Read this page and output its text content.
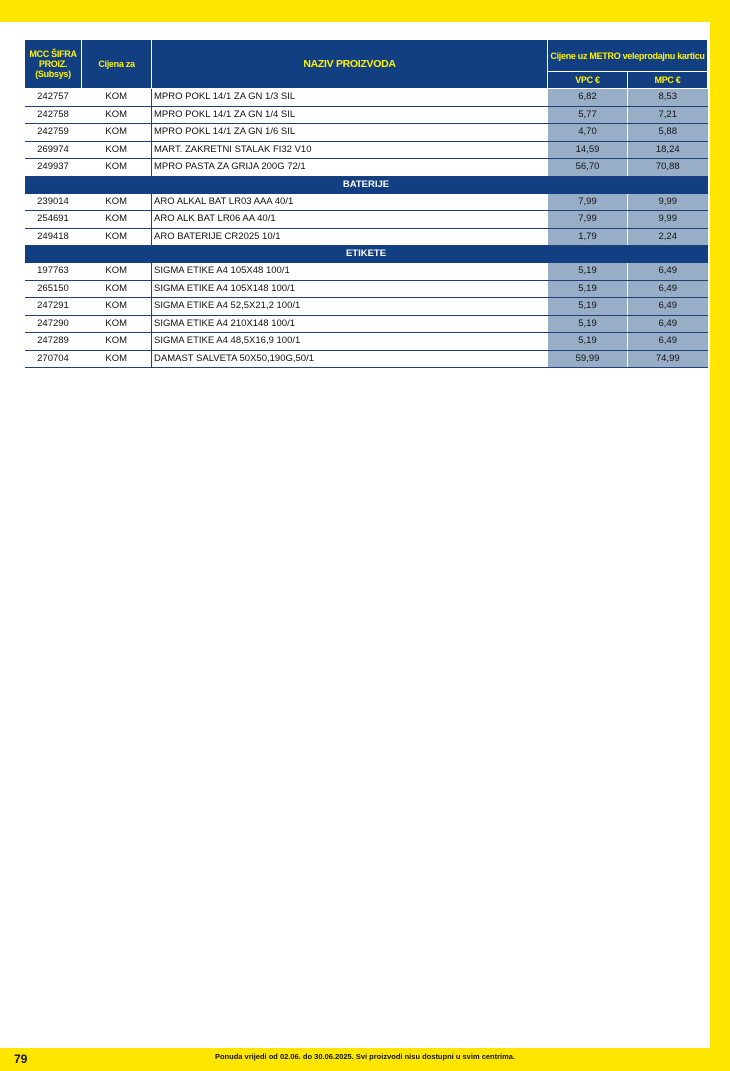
MCC ŠIFRA PROIZ. (Subsys)	Cijena za	NAZIV PROIZVODA	Cijene uz METRO veleprodajnu karticu	
			VPC €	MPC €
242757	KOM	MPRO POKL 14/1 ZA GN 1/3 SIL	6,82	8,53
242758	KOM	MPRO POKL 14/1 ZA GN 1/4 SIL	5,77	7,21
242759	KOM	MPRO POKL 14/1 ZA GN 1/6 SIL	4,70	5,88
269974	KOM	MART. ZAKRETNI STALAK FI32 V10	14,59	18,24
249937	KOM	MPRO PASTA ZA GRIJA 200G 72/1	56,70	70,88
BATERIJE				
239014	KOM	ARO ALKAL BAT LR03 AAA 40/1	7,99	9,99
254691	KOM	ARO ALK BAT LR06 AA 40/1	7,99	9,99
249418	KOM	ARO BATERIJE CR2025 10/1	1,79	2,24
ETIKETE				
197763	KOM	SIGMA ETIKE A4 105X48 100/1	5,19	6,49
265150	KOM	SIGMA ETIKE A4 105X148 100/1	5,19	6,49
247291	KOM	SIGMA ETIKE A4 52,5X21,2 100/1	5,19	6,49
247290	KOM	SIGMA ETIKE A4 210X148 100/1	5,19	6,49
247289	KOM	SIGMA ETIKE A4 48,5X16,9 100/1	5,19	6,49
270704	KOM	DAMAST SALVETA 50X50,190G,50/1	59,99	74,99
79	Ponuda vrijedi od 02.06. do 30.06.2025. Svi proizvodi nisu dostupni u svim centrima.
